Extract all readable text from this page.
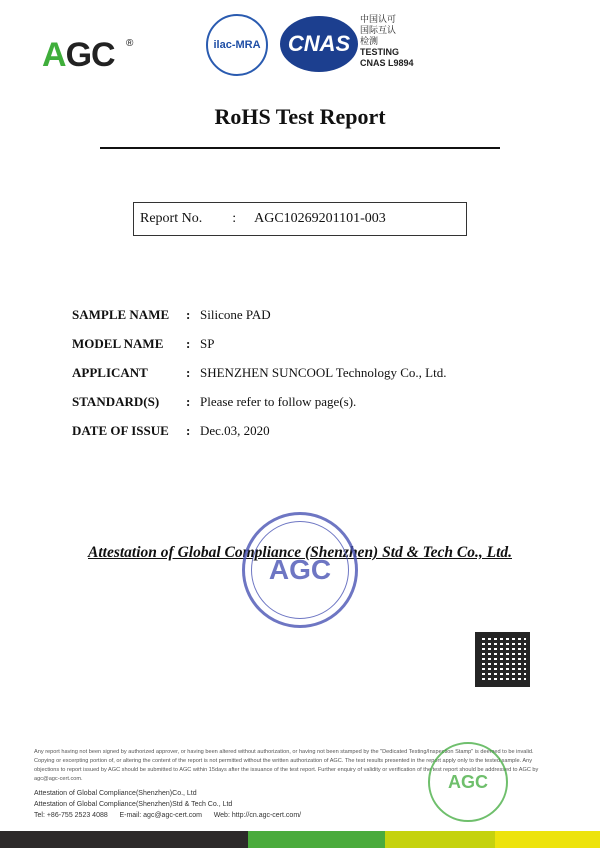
AGC ®	ilac-MRA	CNAS
中国认可
国际互认
检测
TESTING
CNAS L9894
RoHS Test Report
Report No. : AGC10269201101-003
SAMPLE NAME	: Silicone PAD
MODEL NAME	: SP
APPLICANT	: SHENZHEN SUNCOOL Technology Co., Ltd.
STANDARD(S)	: Please refer to follow page(s).
DATE OF ISSUE	: Dec.03, 2020
Attestation of Global Compliance (Shenzhen) Std & Tech Co., Ltd.
AGC
Any report having not been signed by authorized approver, or having been altered without authorization, or having not been stamped by the "Dedicated Testing/Inspection Stamp" is deemed to be invalid. Copying or excerpting portion of, or altering the content of the report is not permitted without the written authorization of AGC. The test results presented in the report apply only to the tested sample. Any objections to report issued by AGC should be submitted to AGC within 15days after the issuance of the test report. Further enquiry of validity or verification of the test report should be addressed to AGC by agc@agc-cert.com.	AGC
Attestation of Global Compliance(Shenzhen)Co., Ltd
Attestation of Global Compliance(Shenzhen)Std & Tech Co., Ltd
Tel: +86-755 2523 4088 E-mail: agc@agc-cert.com Web: http://cn.agc-cert.com/
